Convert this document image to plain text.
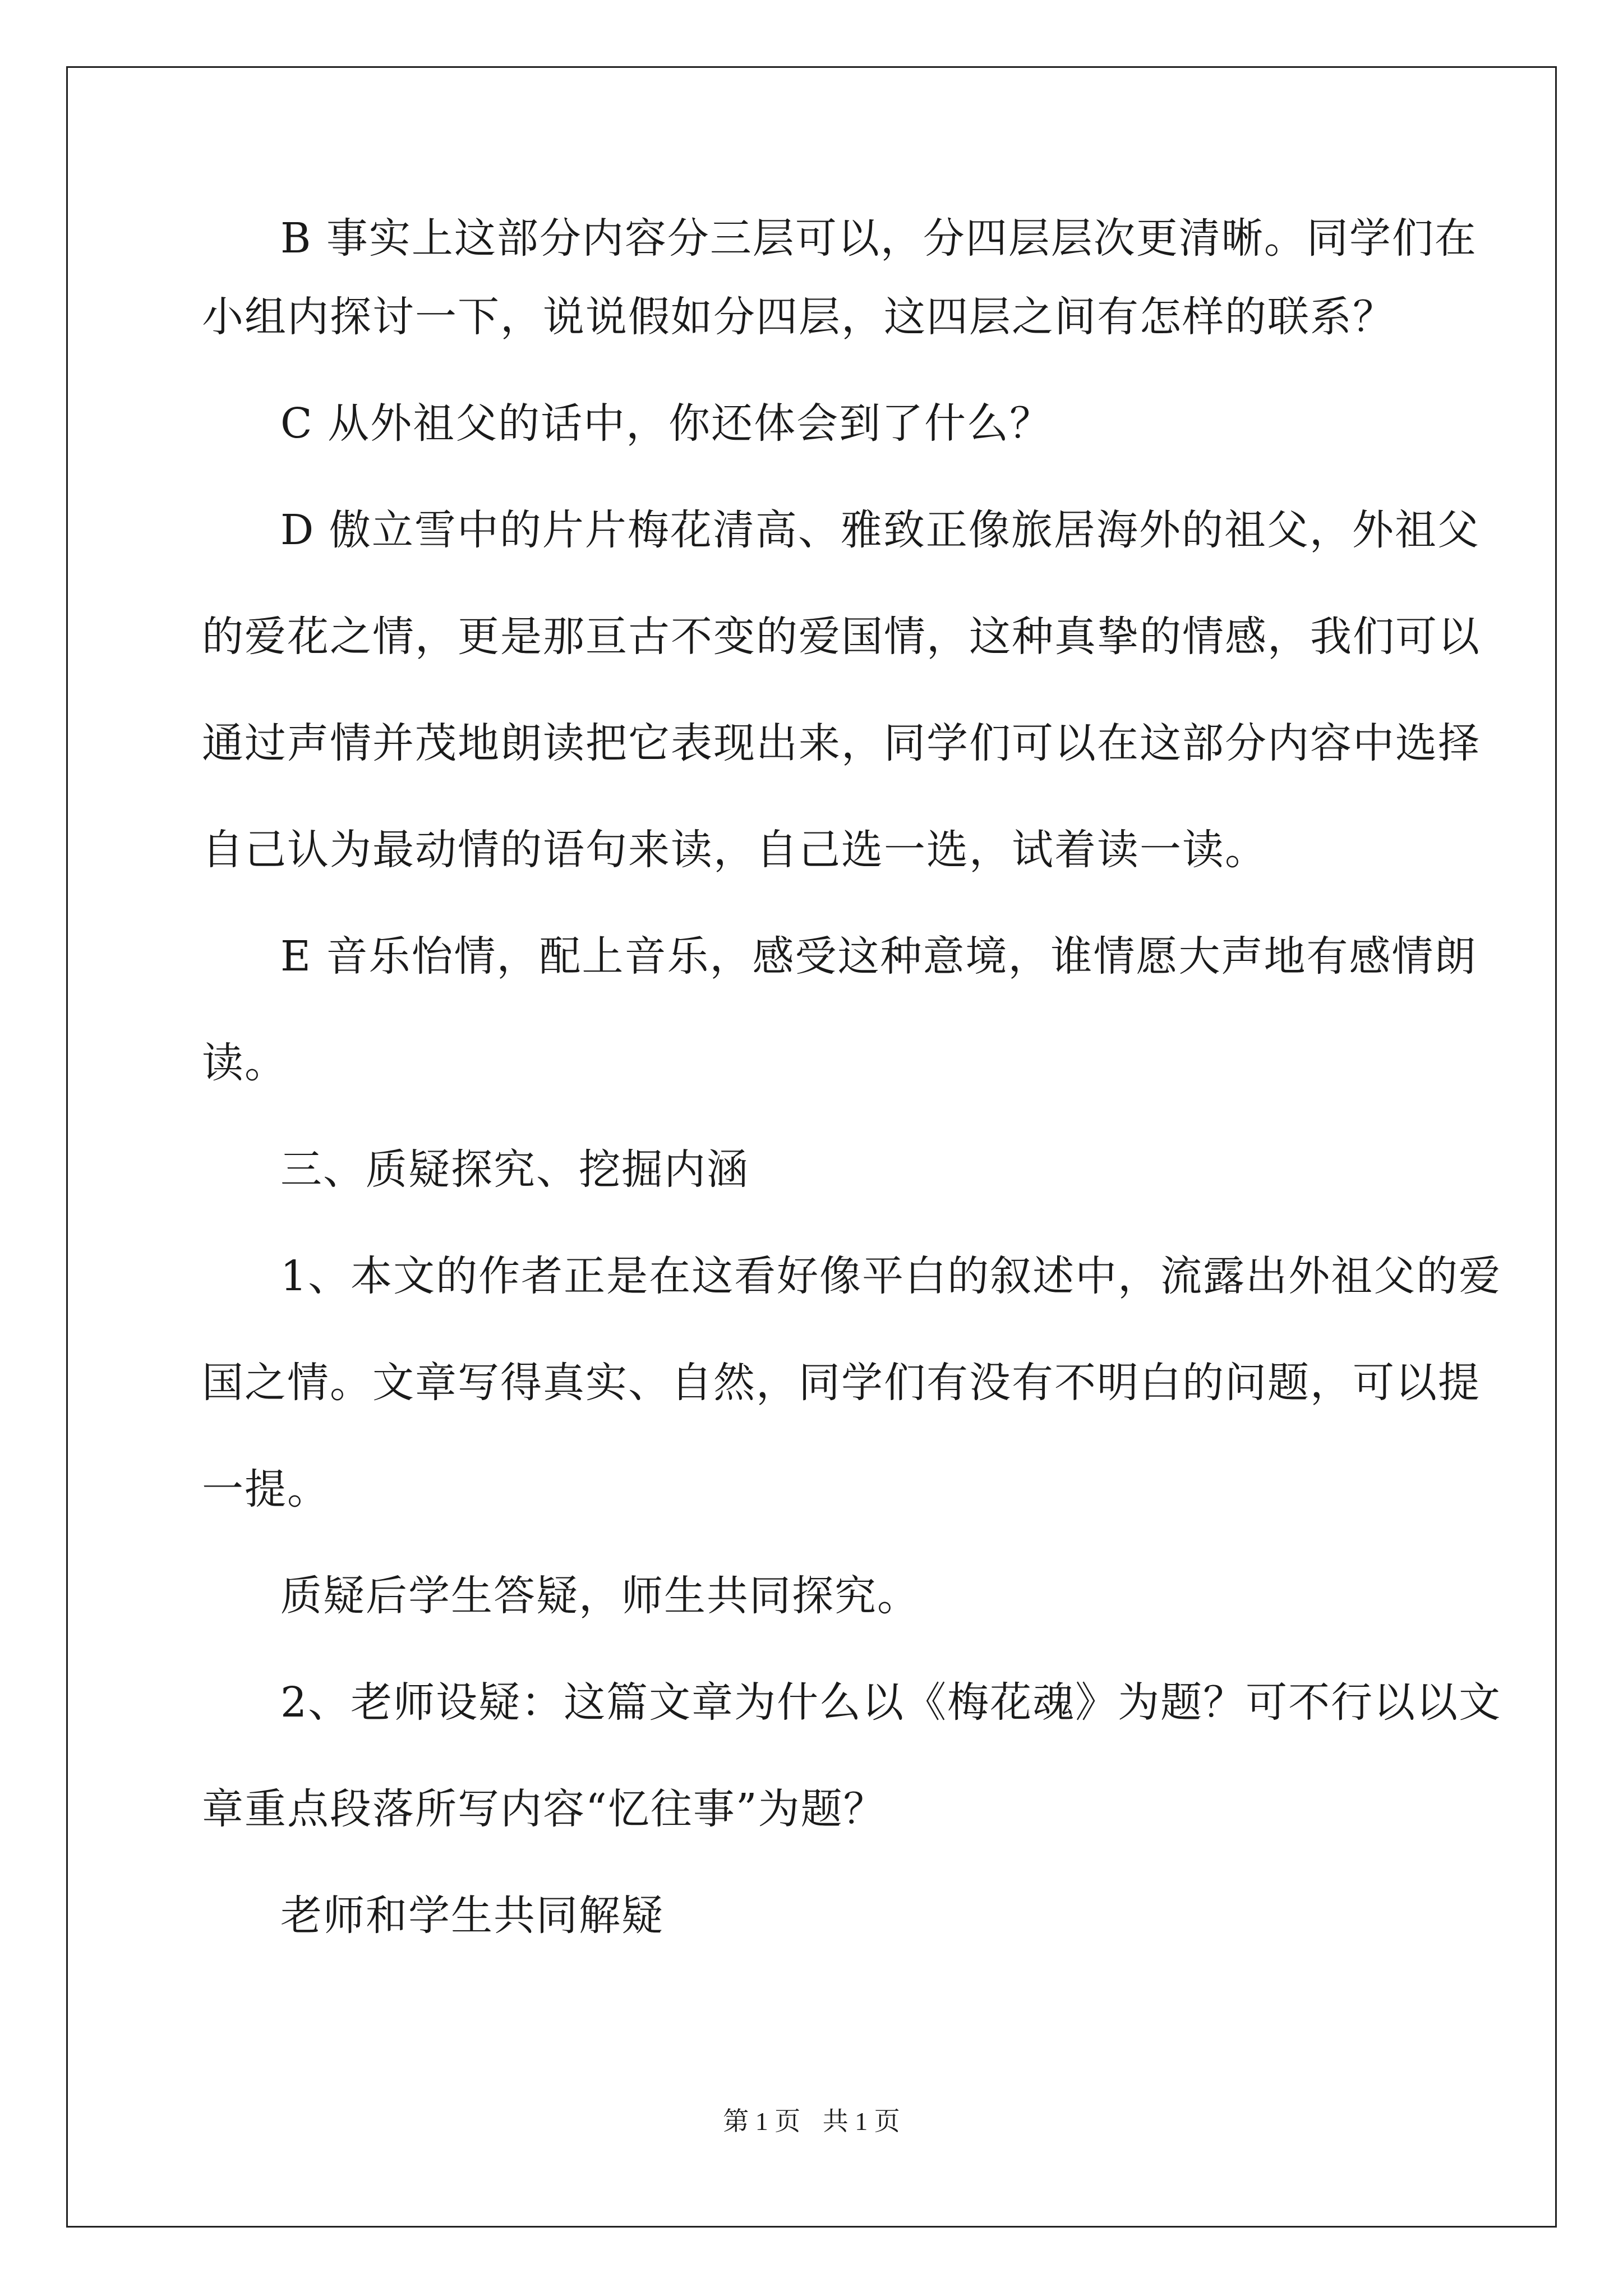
B 事实上这部分内容分三层可以，分四层层次更清晰。同学们在
小组内探讨一下，说说假如分四层，这四层之间有怎样的联系？
C 从外祖父的话中，你还体会到了什么？
D 傲立雪中的片片梅花清高、雅致正像旅居海外的祖父，外祖父
的爱花之情，更是那亘古不变的爱国情，这种真挚的情感，我们可以
通过声情并茂地朗读把它表现出来，同学们可以在这部分内容中选择
自己认为最动情的语句来读，自己选一选，试着读一读。
E 音乐怡情，配上音乐，感受这种意境，谁情愿大声地有感情朗
读。
三、质疑探究、挖掘内涵
1、本文的作者正是在这看好像平白的叙述中，流露出外祖父的爱
国之情。文章写得真实、自然，同学们有没有不明白的问题，可以提
一提。
质疑后学生答疑，师生共同探究。
2、老师设疑：这篇文章为什么以《梅花魂》为题？可不行以以文
章重点段落所写内容“忆往事”为题？
老师和学生共同解疑
第 1 页 共 1 页
